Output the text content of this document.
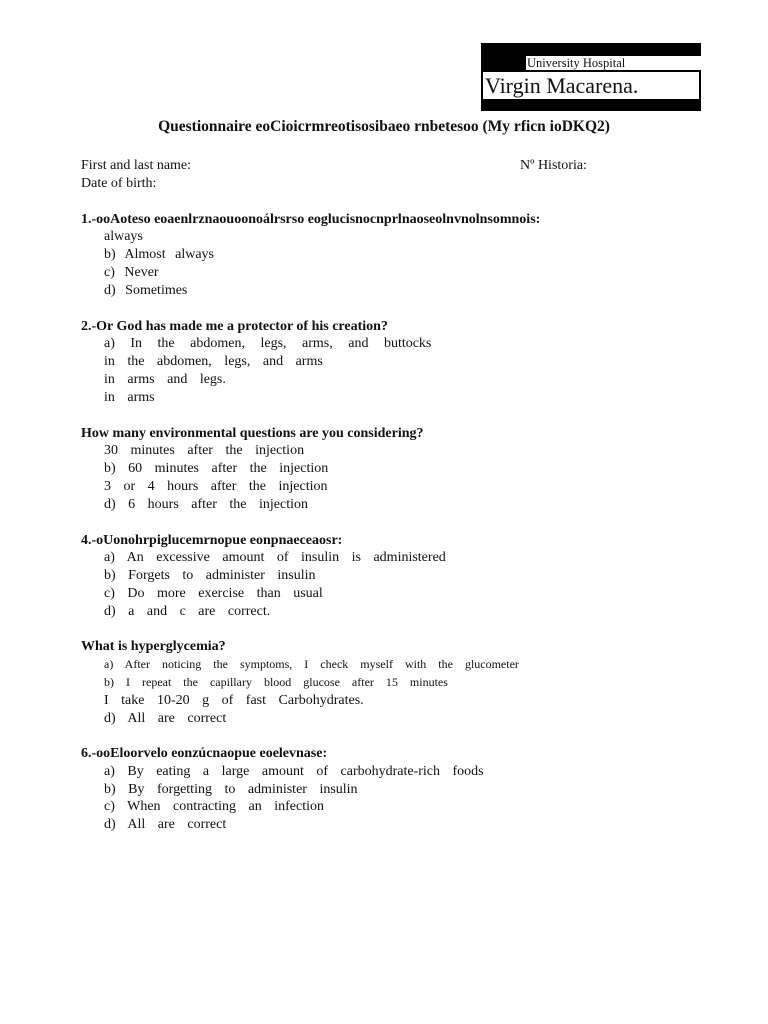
University Hospital
Virgin Macarena.
Questionnaire eoCioicrmreotisosibaeo rnbetesoo (My rficn ioDKQ2)
First and last name:	Nº Historia:
Date of birth:
1.-ooAoteso eoaenlrznaouoonoálrsrso eoglucisnocnprlnaoseolnvnolnsomnois:
always
b) Almost always
c) Never
d) Sometimes
2.-Or God has made me a protector of his creation?
a) In the abdomen, legs, arms, and buttocks
in the abdomen, legs, and arms
in arms and legs.
in arms
How many environmental questions are you considering?
30 minutes after the injection
b) 60 minutes after the injection
3 or 4 hours after the injection
d) 6 hours after the injection
4.-oUonohrpiglucemrnopue eonpnaeceaosr:
a) An excessive amount of insulin is administered
b) Forgets to administer insulin
c) Do more exercise than usual
d) a and c are correct.
What is hyperglycemia?
a) After noticing the symptoms, I check myself with the glucometer
b) I repeat the capillary blood glucose after 15 minutes
I take 10-20 g of fast Carbohydrates.
d) All are correct
6.-ooEloorvelo eonzúcnaopue eoelevnase:
a) By eating a large amount of carbohydrate-rich foods
b) By forgetting to administer insulin
c) When contracting an infection
d) All are correct
